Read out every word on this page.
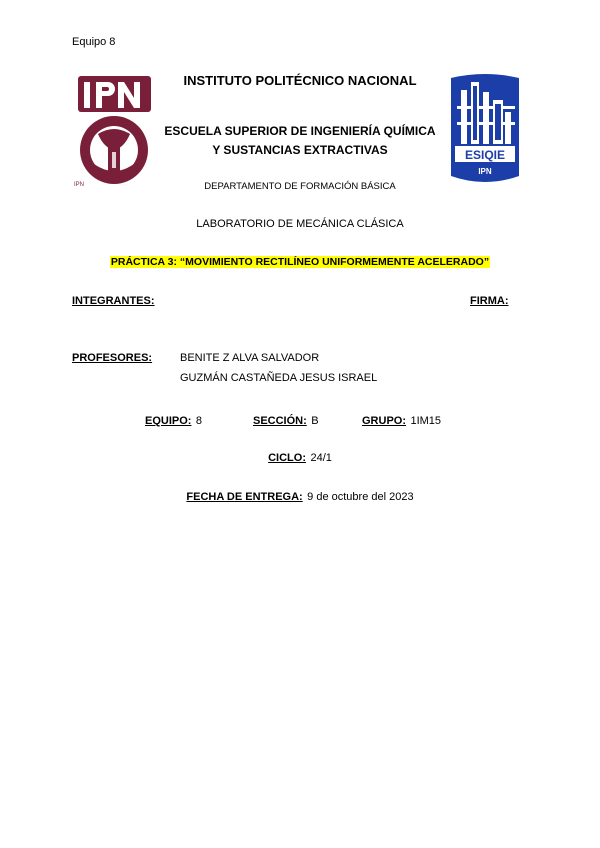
Equipo 8
IPN
ESIQIE
IPN
INSTITUTO POLITÉCNICO NACIONAL
ESCUELA SUPERIOR DE INGENIERÍA QUÍMICA
Y SUSTANCIAS EXTRACTIVAS
DEPARTAMENTO DE FORMACIÓN BÁSICA
LABORATORIO DE MECÁNICA CLÁSICA
PRÁCTICA 3: “MOVIMIENTO RECTILÍNEO UNIFORMEMENTE ACELERADO”
INTEGRANTES:	FIRMA:
PROFESORES:	BENITE Z ALVA SALVADOR
GUZMÁN CASTAÑEDA JESUS ISRAEL
EQUIPO: 8	SECCIÓN: B	GRUPO: 1IM15
CICLO: 24/1
FECHA DE ENTREGA: 9 de octubre del 2023
